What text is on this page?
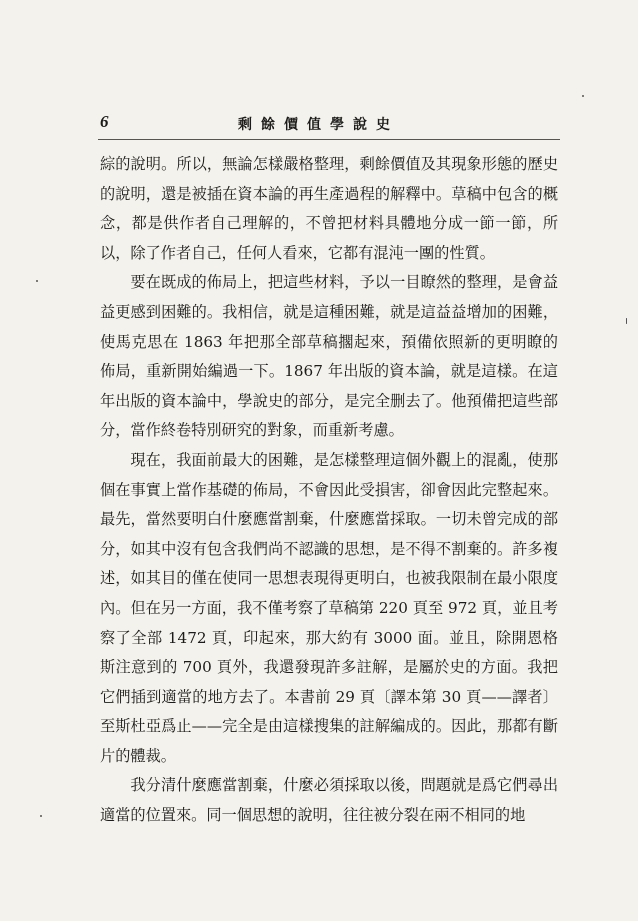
6	剩餘價值學說史

綜的說明。所以，無論怎樣嚴格整理，剩餘價值及其現象形態的歷史的說明，還是被插在資本論的再生產過程的解釋中。草稿中包含的概念，都是供作者自己理解的，不曾把材料具體地分成一節一節，所以，除了作者自己，任何人看來，它都有混沌一團的性質。

要在既成的佈局上，把這些材料，予以一目瞭然的整理，是會益益更感到困難的。我相信，就是這種困難，就是這益益增加的困難，使馬克思在 1863 年把那全部草稿擱起來，預備依照新的更明瞭的佈局，重新開始編過一下。1867 年出版的資本論，就是這樣。在這年出版的資本論中，學說史的部分，是完全删去了。他預備把這些部分，當作終卷特別研究的對象，而重新考慮。

現在，我面前最大的困難，是怎樣整理這個外觀上的混亂，使那個在事實上當作基礎的佈局，不會因此受損害，卻會因此完整起來。最先，當然要明白什麼應當割棄，什麼應當採取。一切未曾完成的部分，如其中沒有包含我們尚不認識的思想，是不得不割棄的。許多複述，如其目的僅在使同一思想表現得更明白，也被我限制在最小限度內。但在另一方面，我不僅考察了草稿第 220 頁至 972 頁，並且考察了全部 1472 頁，印起來，那大約有 3000 面。並且，除開恩格斯注意到的 700 頁外，我還發現許多註解，是屬於史的方面。我把它們插到適當的地方去了。本書前 29 頁〔譯本第 30 頁——譯者〕至斯杜亞爲止——完全是由這樣搜集的註解編成的。因此，那都有斷片的體裁。

我分清什麼應當割棄，什麼必須採取以後，問題就是爲它們尋出適當的位置來。同一個思想的說明，往往被分裂在兩不相同的地
